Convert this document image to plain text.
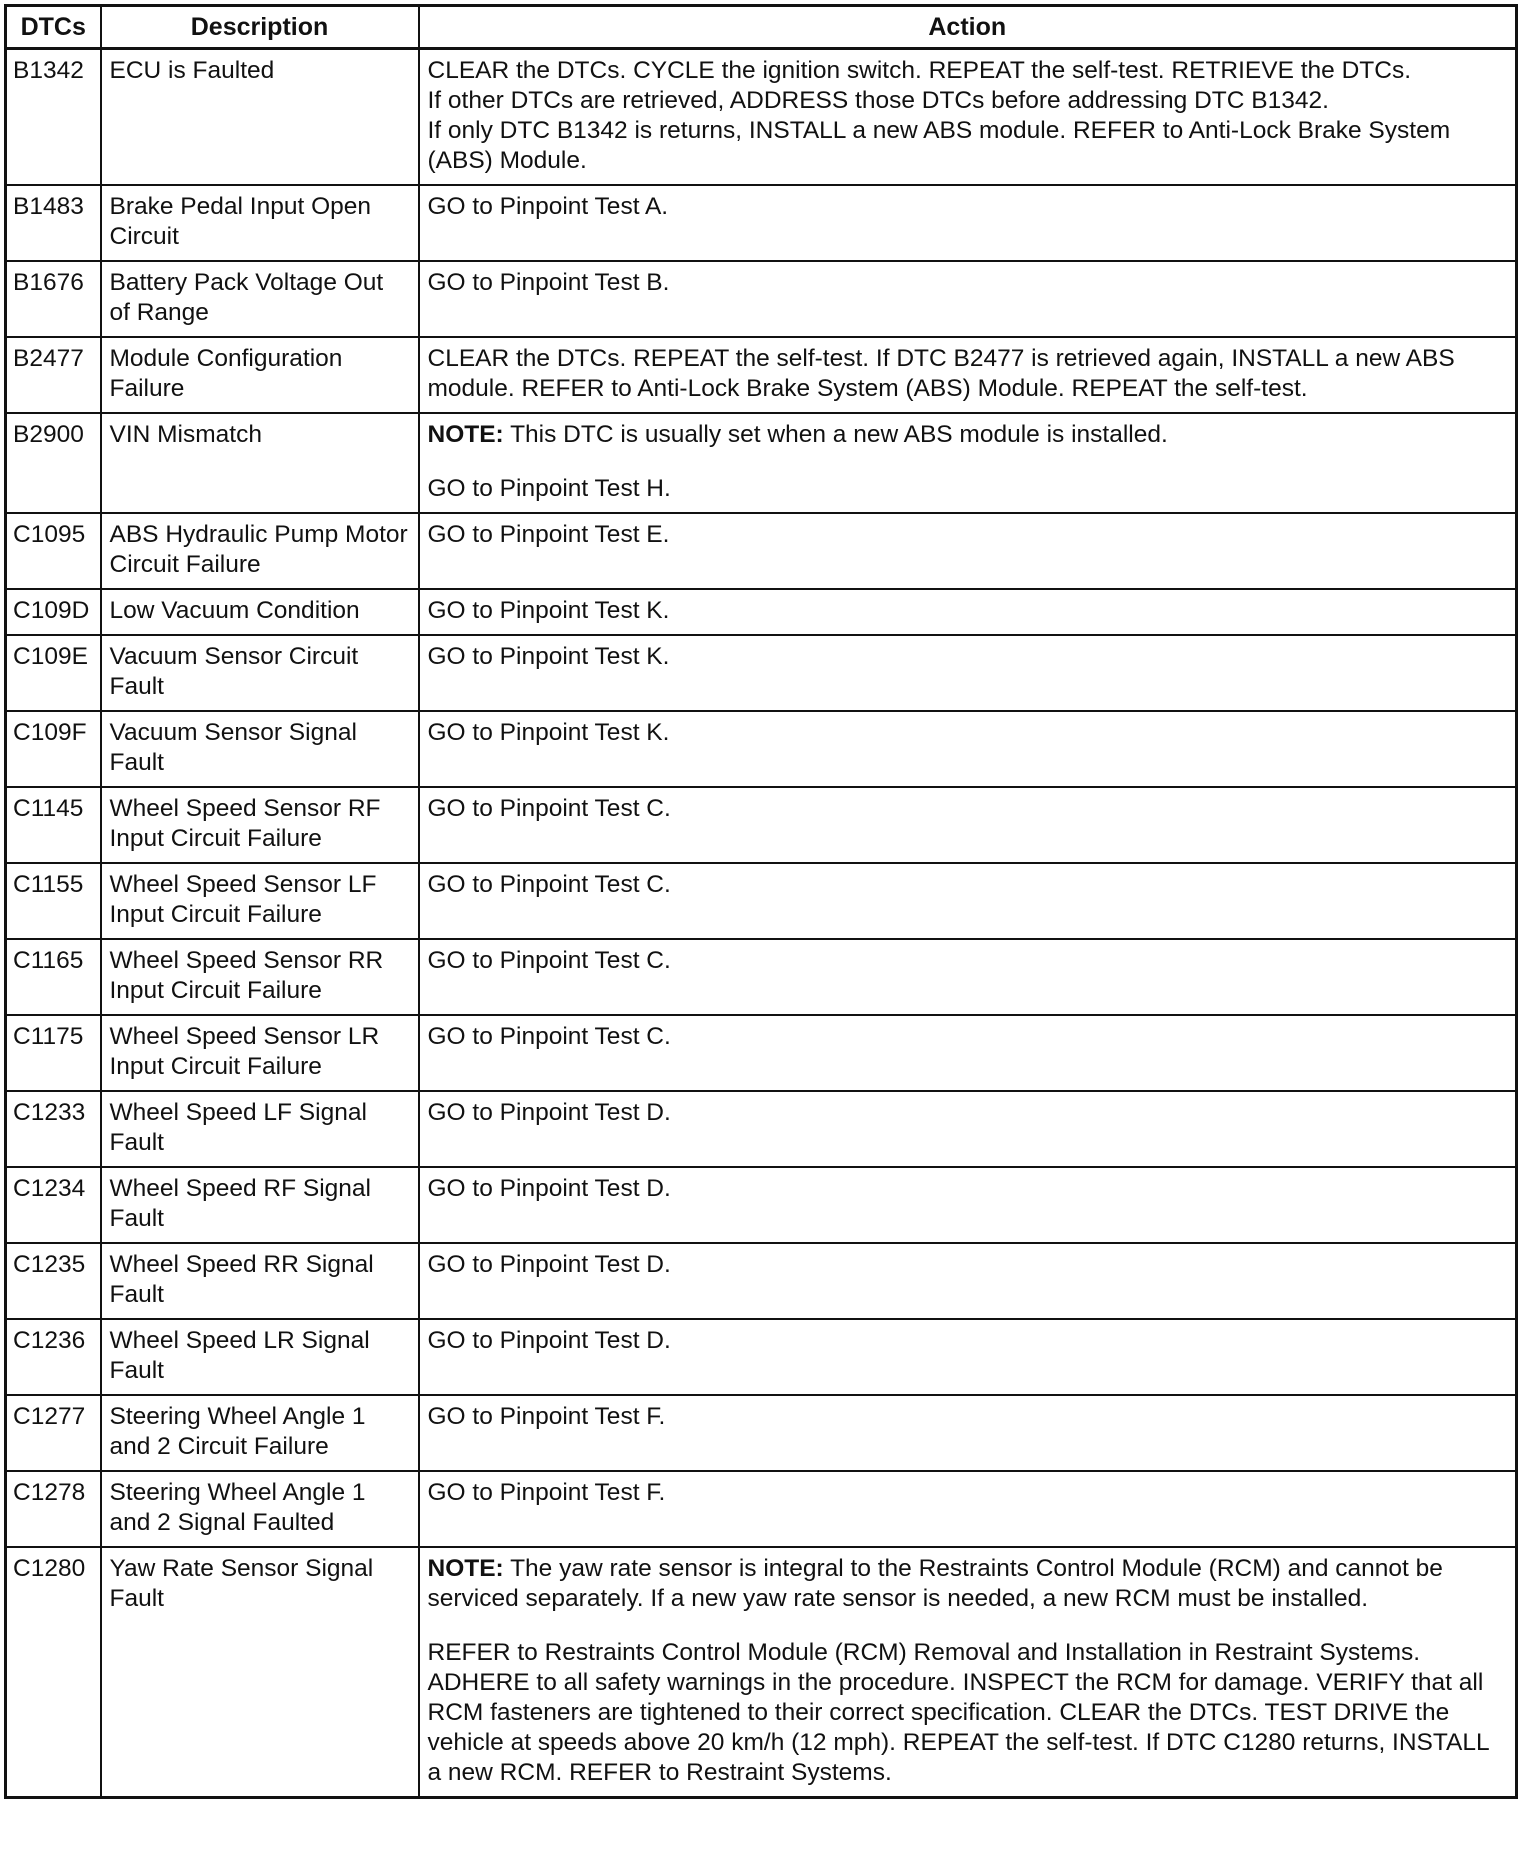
DTCs	Description	Action
B1342	ECU is Faulted	CLEAR the DTCs. CYCLE the ignition switch. REPEAT the self-test. RETRIEVE the DTCs.
If other DTCs are retrieved, ADDRESS those DTCs before addressing DTC B1342.
If only DTC B1342 is returns, INSTALL a new ABS module. REFER to Anti-Lock Brake System (ABS) Module.

B1483	Brake Pedal Input Open Circuit	GO to Pinpoint Test A.

B1676	Battery Pack Voltage Out of Range	GO to Pinpoint Test B.

B2477	Module Configuration Failure	CLEAR the DTCs. REPEAT the self-test. If DTC B2477 is retrieved again, INSTALL a new ABS module. REFER to Anti-Lock Brake System (ABS) Module. REPEAT the self-test.

B2900	VIN Mismatch	NOTE: This DTC is usually set when a new ABS module is installed.
GO to Pinpoint Test H.

C1095	ABS Hydraulic Pump Motor Circuit Failure	GO to Pinpoint Test E.

C109D	Low Vacuum Condition	GO to Pinpoint Test K.

C109E	Vacuum Sensor Circuit Fault	GO to Pinpoint Test K.

C109F	Vacuum Sensor Signal Fault	GO to Pinpoint Test K.

C1145	Wheel Speed Sensor RF Input Circuit Failure	GO to Pinpoint Test C.

C1155	Wheel Speed Sensor LF Input Circuit Failure	GO to Pinpoint Test C.

C1165	Wheel Speed Sensor RR Input Circuit Failure	GO to Pinpoint Test C.

C1175	Wheel Speed Sensor LR Input Circuit Failure	GO to Pinpoint Test C.

C1233	Wheel Speed LF Signal Fault	GO to Pinpoint Test D.

C1234	Wheel Speed RF Signal Fault	GO to Pinpoint Test D.

C1235	Wheel Speed RR Signal Fault	GO to Pinpoint Test D.

C1236	Wheel Speed LR Signal Fault	GO to Pinpoint Test D.

C1277	Steering Wheel Angle 1 and 2 Circuit Failure	GO to Pinpoint Test F.

C1278	Steering Wheel Angle 1 and 2 Signal Faulted	GO to Pinpoint Test F.

C1280	Yaw Rate Sensor Signal Fault	NOTE: The yaw rate sensor is integral to the Restraints Control Module (RCM) and cannot be serviced separately. If a new yaw rate sensor is needed, a new RCM must be installed.
REFER to Restraints Control Module (RCM) Removal and Installation in Restraint Systems. ADHERE to all safety warnings in the procedure. INSPECT the RCM for damage. VERIFY that all RCM fasteners are tightened to their correct specification. CLEAR the DTCs. TEST DRIVE the vehicle at speeds above 20 km/h (12 mph). REPEAT the self-test. If DTC C1280 returns, INSTALL a new RCM. REFER to Restraint Systems.
